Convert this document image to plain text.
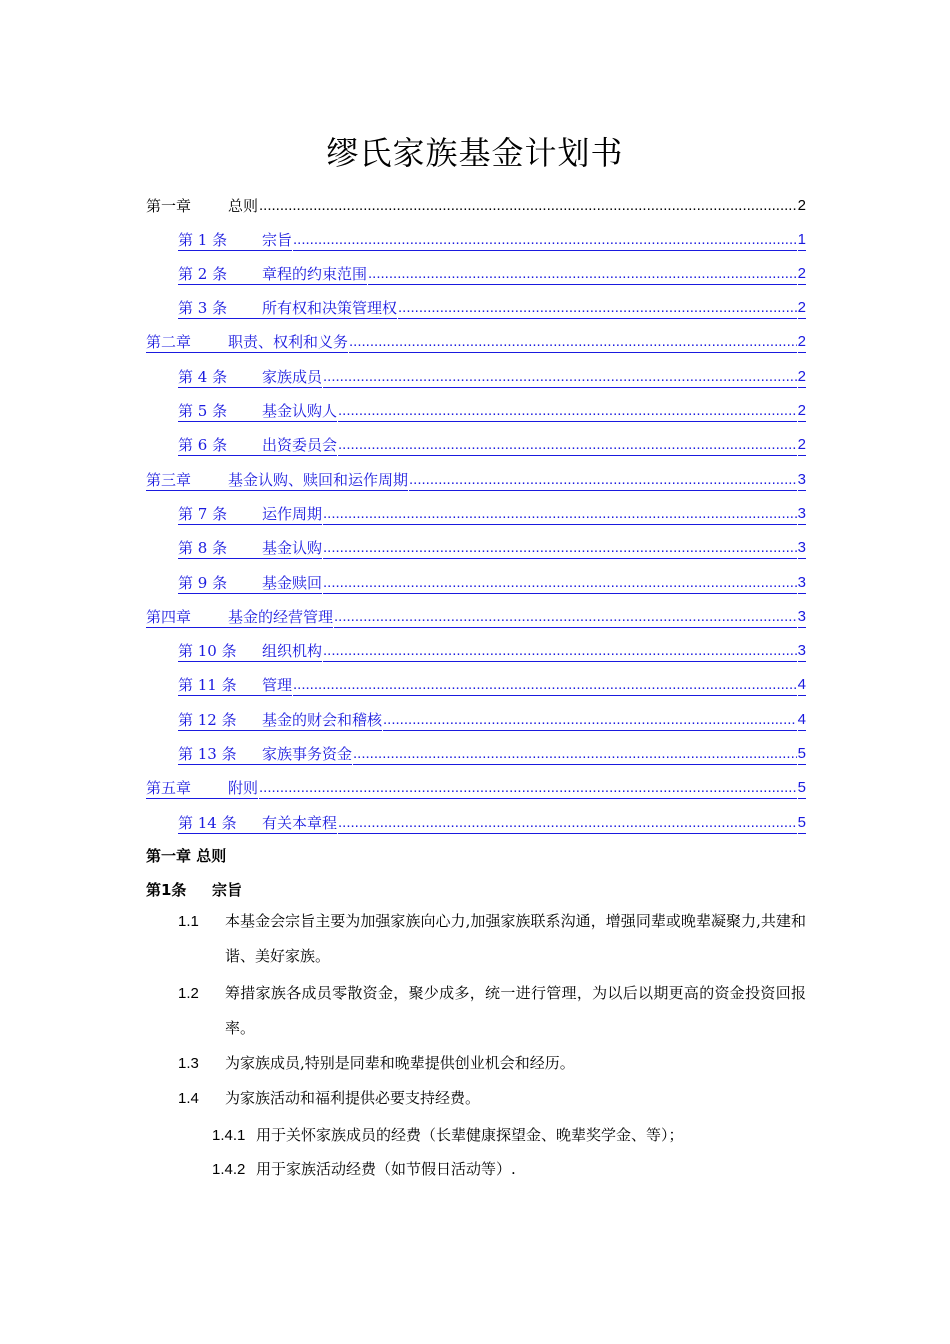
缪氏家族基金计划书
第一章	总则 .....	2
第 1 条	宗旨 .....	1
第 2 条	章程的约束范围 .....	2
第 3 条	所有权和决策管理权 .....	2
第二章	职责、权利和义务 .....	2
第 4 条	家族成员 .....	2
第 5 条	基金认购人 .....	2
第 6 条	出资委员会 .....	2
第三章	基金认购、赎回和运作周期 .....	3
第 7 条	运作周期 .....	3
第 8 条	基金认购 .....	3
第 9 条	基金赎回 .....	3
第四章	基金的经营管理 .....	3
第 10 条	组织机构 .....	3
第 11 条	管理 .....	4
第 12 条	基金的财会和稽核 .....	4
第 13 条	家族事务资金 .....	5
第五章	附则 .....	5
第 14 条	有关本章程 .....	5
第一章 总则
第1条 宗旨
1.1 本基金会宗旨主要为加强家族向心力,加强家族联系沟通，增强同辈或晚辈凝聚力,共建和谐、美好家族。
1.2 筹措家族各成员零散资金，聚少成多，统一进行管理，为以后以期更高的资金投资回报率。
1.3 为家族成员,特别是同辈和晚辈提供创业机会和经历。
1.4 为家族活动和福利提供必要支持经费。
1.4.1 用于关怀家族成员的经费（长辈健康探望金、晚辈奖学金、等）；
1.4.2 用于家族活动经费（如节假日活动等）.
